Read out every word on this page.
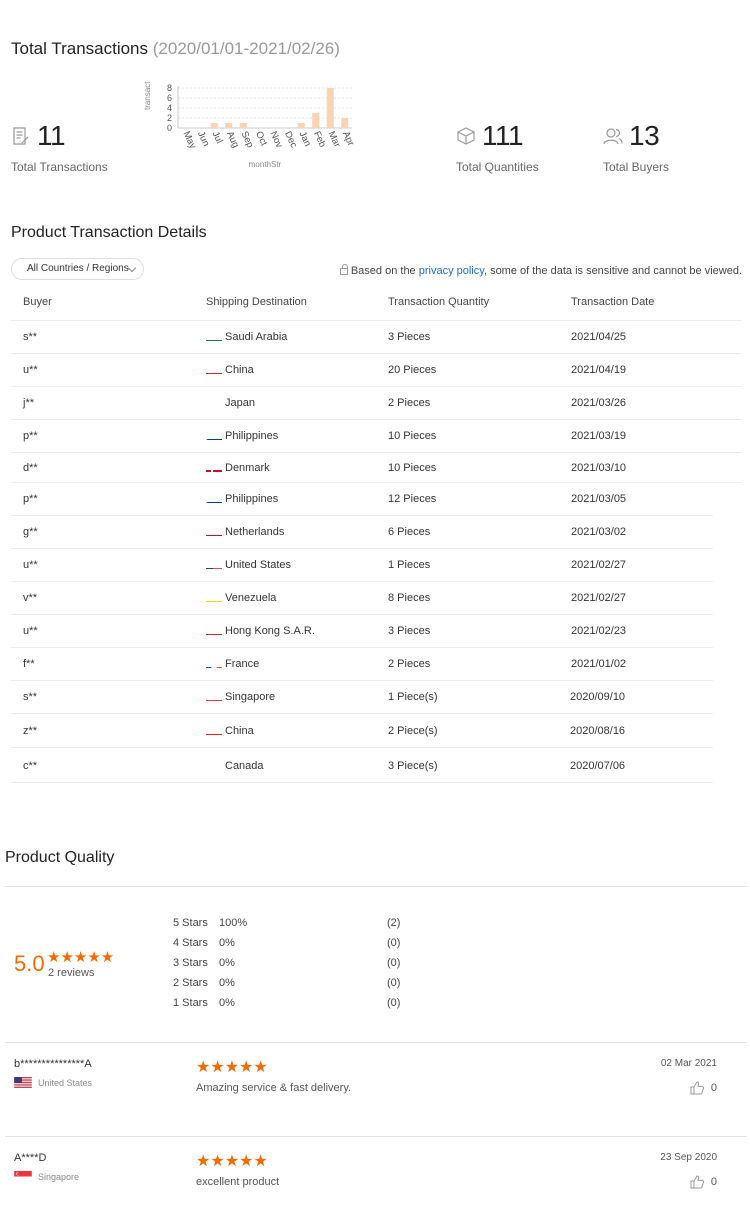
Total Transactions (2020/01/01-2021/02/26)
11
Total Transactions
0
2
4
6
8
transact
May
Jun
Jul Aug
Sep
Oct
Nov
Dec
Jan
Feb
Mar
Apr
monthStr
111
Total Quantities
13
Total Buyers
Product Transaction Details
All Countries / Regions	Based on the privacy policy, some of the data is sensitive and cannot be viewed.
Buyer	Shipping Destination	Transaction Quantity	Transaction Date
s**	Saudi Arabia	3 Pieces	2021/04/25
u**	China	20 Pieces	2021/04/19
j**	Japan	2 Pieces	2021/03/26
p**	Philippines	10 Pieces	2021/03/19
d**	Denmark	10 Pieces	2021/03/10
p**	Philippines	12 Pieces	2021/03/05
g**	Netherlands	6 Pieces	2021/03/02
u**	United States	1 Pieces	2021/02/27
v**	Venezuela	8 Pieces	2021/02/27
u**	Hong Kong S.A.R.	3 Pieces	2021/02/23
f**	France	2 Pieces	2021/01/02
s**	Singapore	1 Piece(s)	2020/09/10
z**	China	2 Piece(s)	2020/08/16
c**	Canada	3 Piece(s)	2020/07/06
Product Quality
5.0 ★★★★★
2 reviews
5 Stars 100%	(2)
4 Stars 0%	(0)
3 Stars 0%	(0)
2 Stars 0%	(0)
1 Stars 0%	(0)
b***************A
United States
★★★★★
Amazing service & fast delivery.
02 Mar 2021
0
A****D
Singapore
★★★★★
excellent product
23 Sep 2020
0
